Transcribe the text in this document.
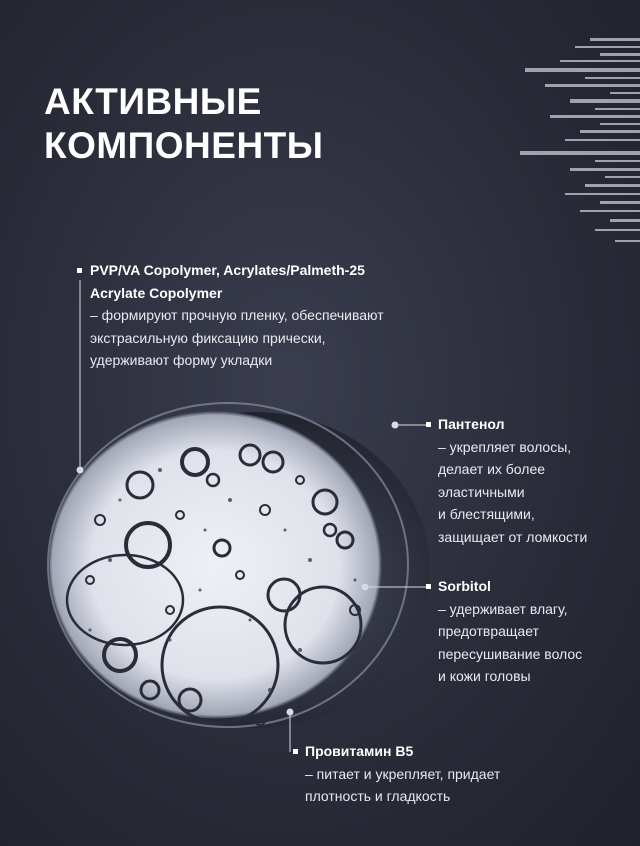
АКТИВНЫЕ
КОМПОНЕНТЫ
PVP/VA Copolymer, Acrylates/Palmeth-25
Acrylate Copolymer
– формируют прочную пленку, обеспечивают
экстрасильную фиксацию прически,
удерживают форму укладки
Пантенол
– укрепляет волосы,
делает их более
эластичными
и блестящими,
защищает от ломкости
Sorbitol
– удерживает влагу,
предотвращает
пересушивание волос
и кожи головы
Провитамин B5
– питает и укрепляет, придает
плотность и гладкость
